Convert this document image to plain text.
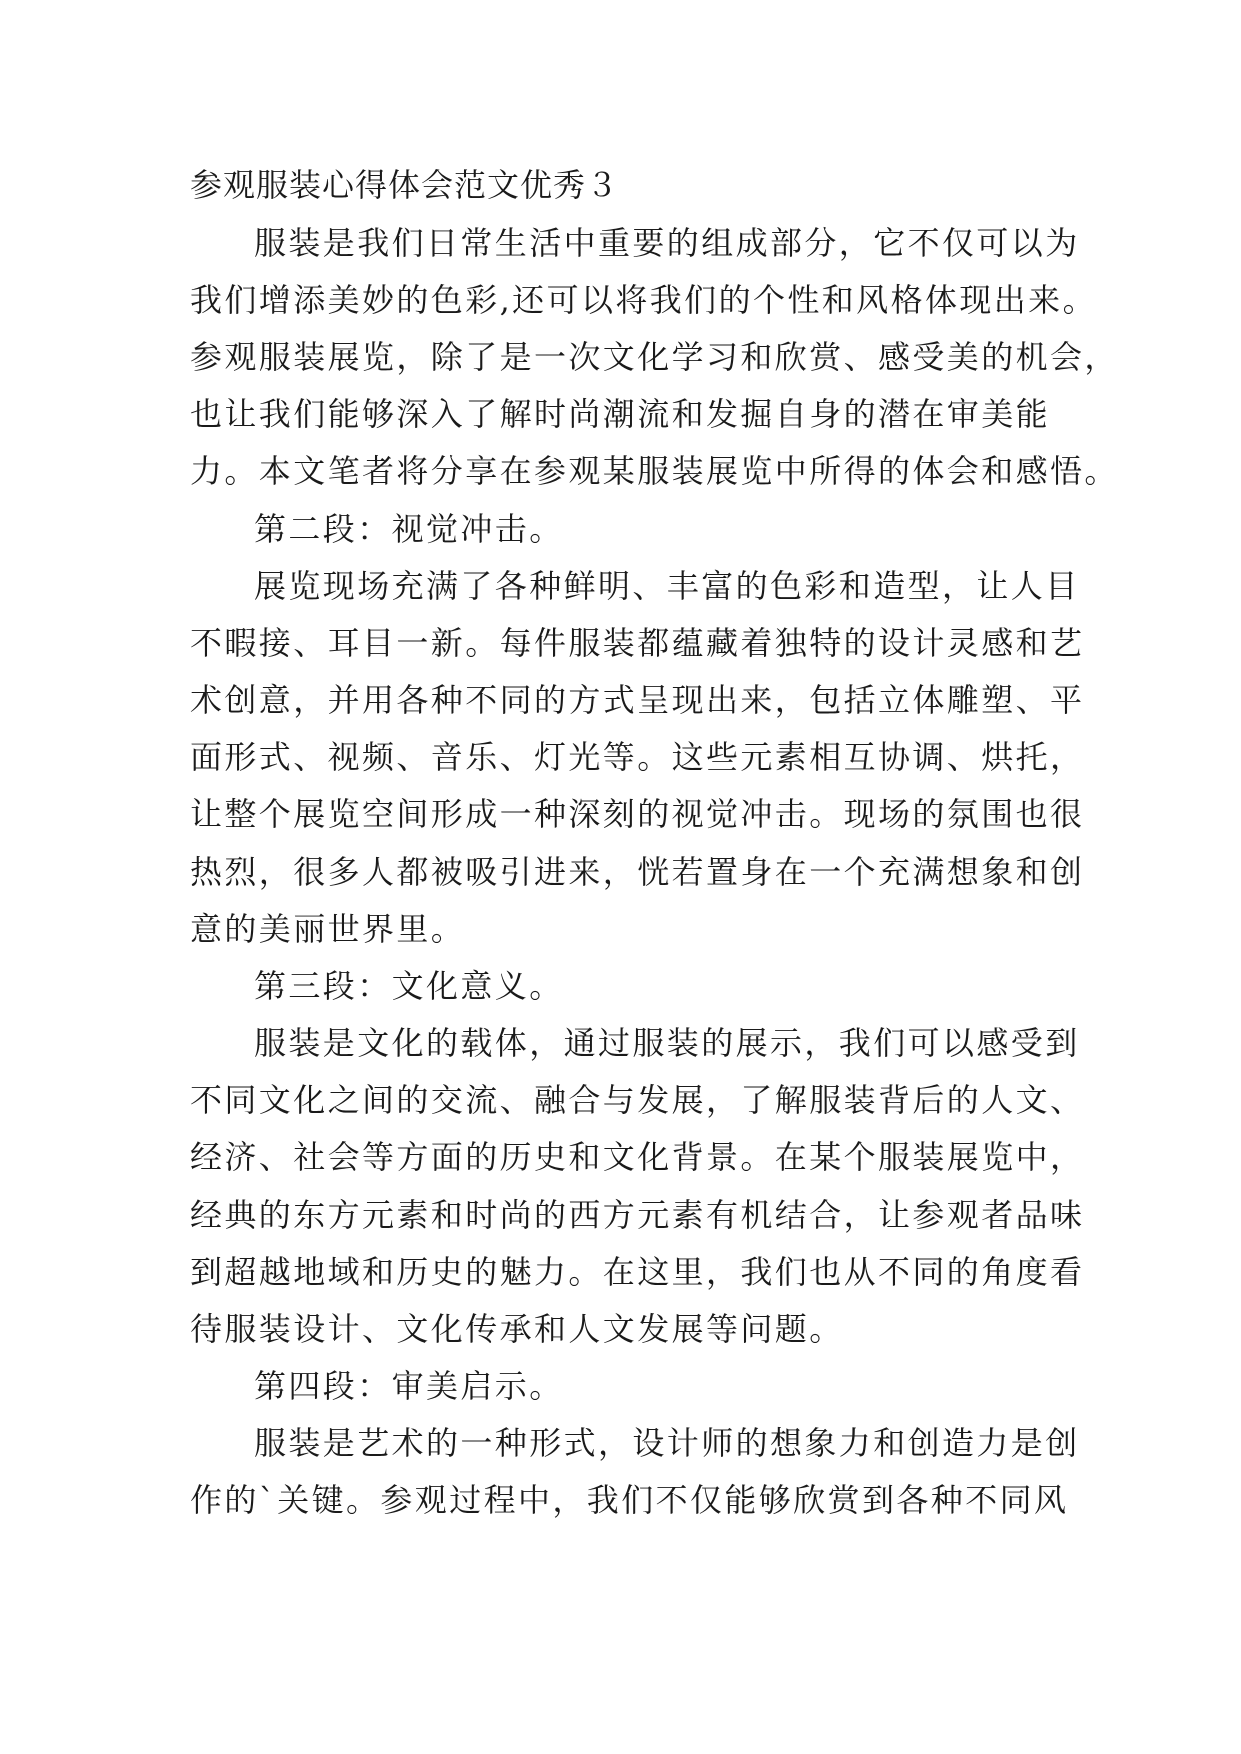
参观服装心得体会范文优秀３
服装是我们日常生活中重要的组成部分，它不仅可以为
我们增添美妙的色彩,还可以将我们的个性和风格体现出来。
参观服装展览，除了是一次文化学习和欣赏、感受美的机会，
也让我们能够深入了解时尚潮流和发掘自身的潜在审美能
力。本文笔者将分享在参观某服装展览中所得的体会和感悟。
第二段：视觉冲击。
展览现场充满了各种鲜明、丰富的色彩和造型，让人目
不暇接、耳目一新。每件服装都蕴藏着独特的设计灵感和艺
术创意，并用各种不同的方式呈现出来，包括立体雕塑、平
面形式、视频、音乐、灯光等。这些元素相互协调、烘托，
让整个展览空间形成一种深刻的视觉冲击。现场的氛围也很
热烈，很多人都被吸引进来，恍若置身在一个充满想象和创
意的美丽世界里。
第三段：文化意义。
服装是文化的载体，通过服装的展示，我们可以感受到
不同文化之间的交流、融合与发展，了解服装背后的人文、
经济、社会等方面的历史和文化背景。在某个服装展览中，
经典的东方元素和时尚的西方元素有机结合，让参观者品味
到超越地域和历史的魅力。在这里，我们也从不同的角度看
待服装设计、文化传承和人文发展等问题。
第四段：审美启示。
服装是艺术的一种形式，设计师的想象力和创造力是创
作的`关键。参观过程中，我们不仅能够欣赏到各种不同风
